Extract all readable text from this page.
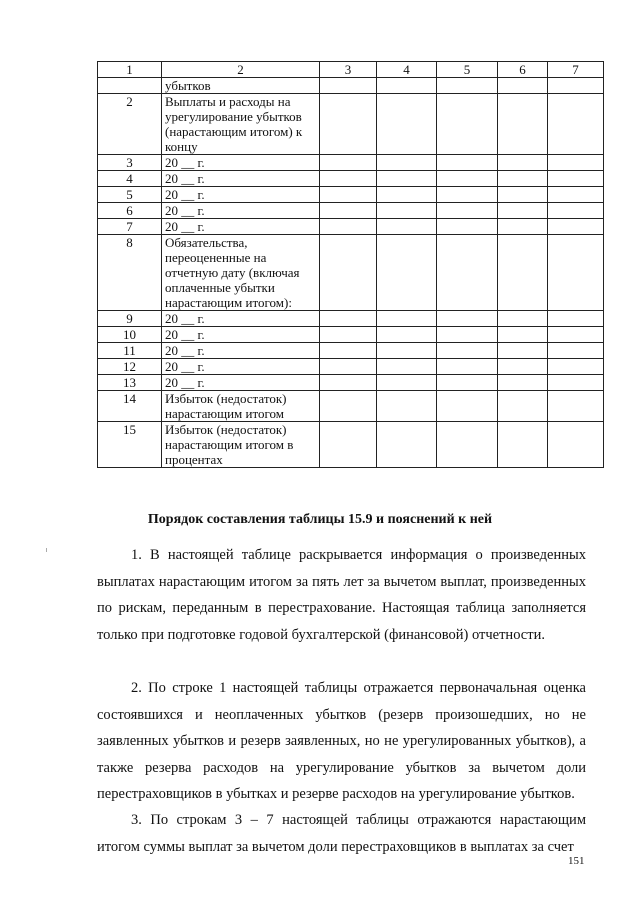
1	2	3	4	5	6	7
	убытков					
2	Выплаты и расходы на урегулирование убытков (нарастающим итогом) к концу					
3	20 __ г.					
4	20 __ г.					
5	20 __ г.					
6	20 __ г.					
7	20 __ г.					
8	Обязательства, переоцененные на отчетную дату (включая оплаченные убытки нарастающим итогом):					
9	20 __ г.					
10	20 __ г.					
11	20 __ г.					
12	20 __ г.					
13	20 __ г.					
14	Избыток (недостаток) нарастающим итогом					
15	Избыток (недостаток) нарастающим итогом в процентах					
Порядок составления таблицы 15.9 и пояснений к ней

1. В настоящей таблице раскрывается информация о произведенных выплатах нарастающим итогом за пять лет за вычетом выплат, произведенных по рискам, переданным в перестрахование. Настоящая таблица заполняется только при подготовке годовой бухгалтерской (финансовой) отчетности.

2. По строке 1 настоящей таблицы отражается первоначальная оценка состоявшихся и неоплаченных убытков (резерв произошедших, но не заявленных убытков и резерв заявленных, но не урегулированных убытков), а также резерва расходов на урегулирование убытков за вычетом доли перестраховщиков в убытках и резерве расходов на урегулирование убытков.

3. По строкам 3 – 7 настоящей таблицы отражаются нарастающим итогом суммы выплат за вычетом доли перестраховщиков в выплатах за счет

151
